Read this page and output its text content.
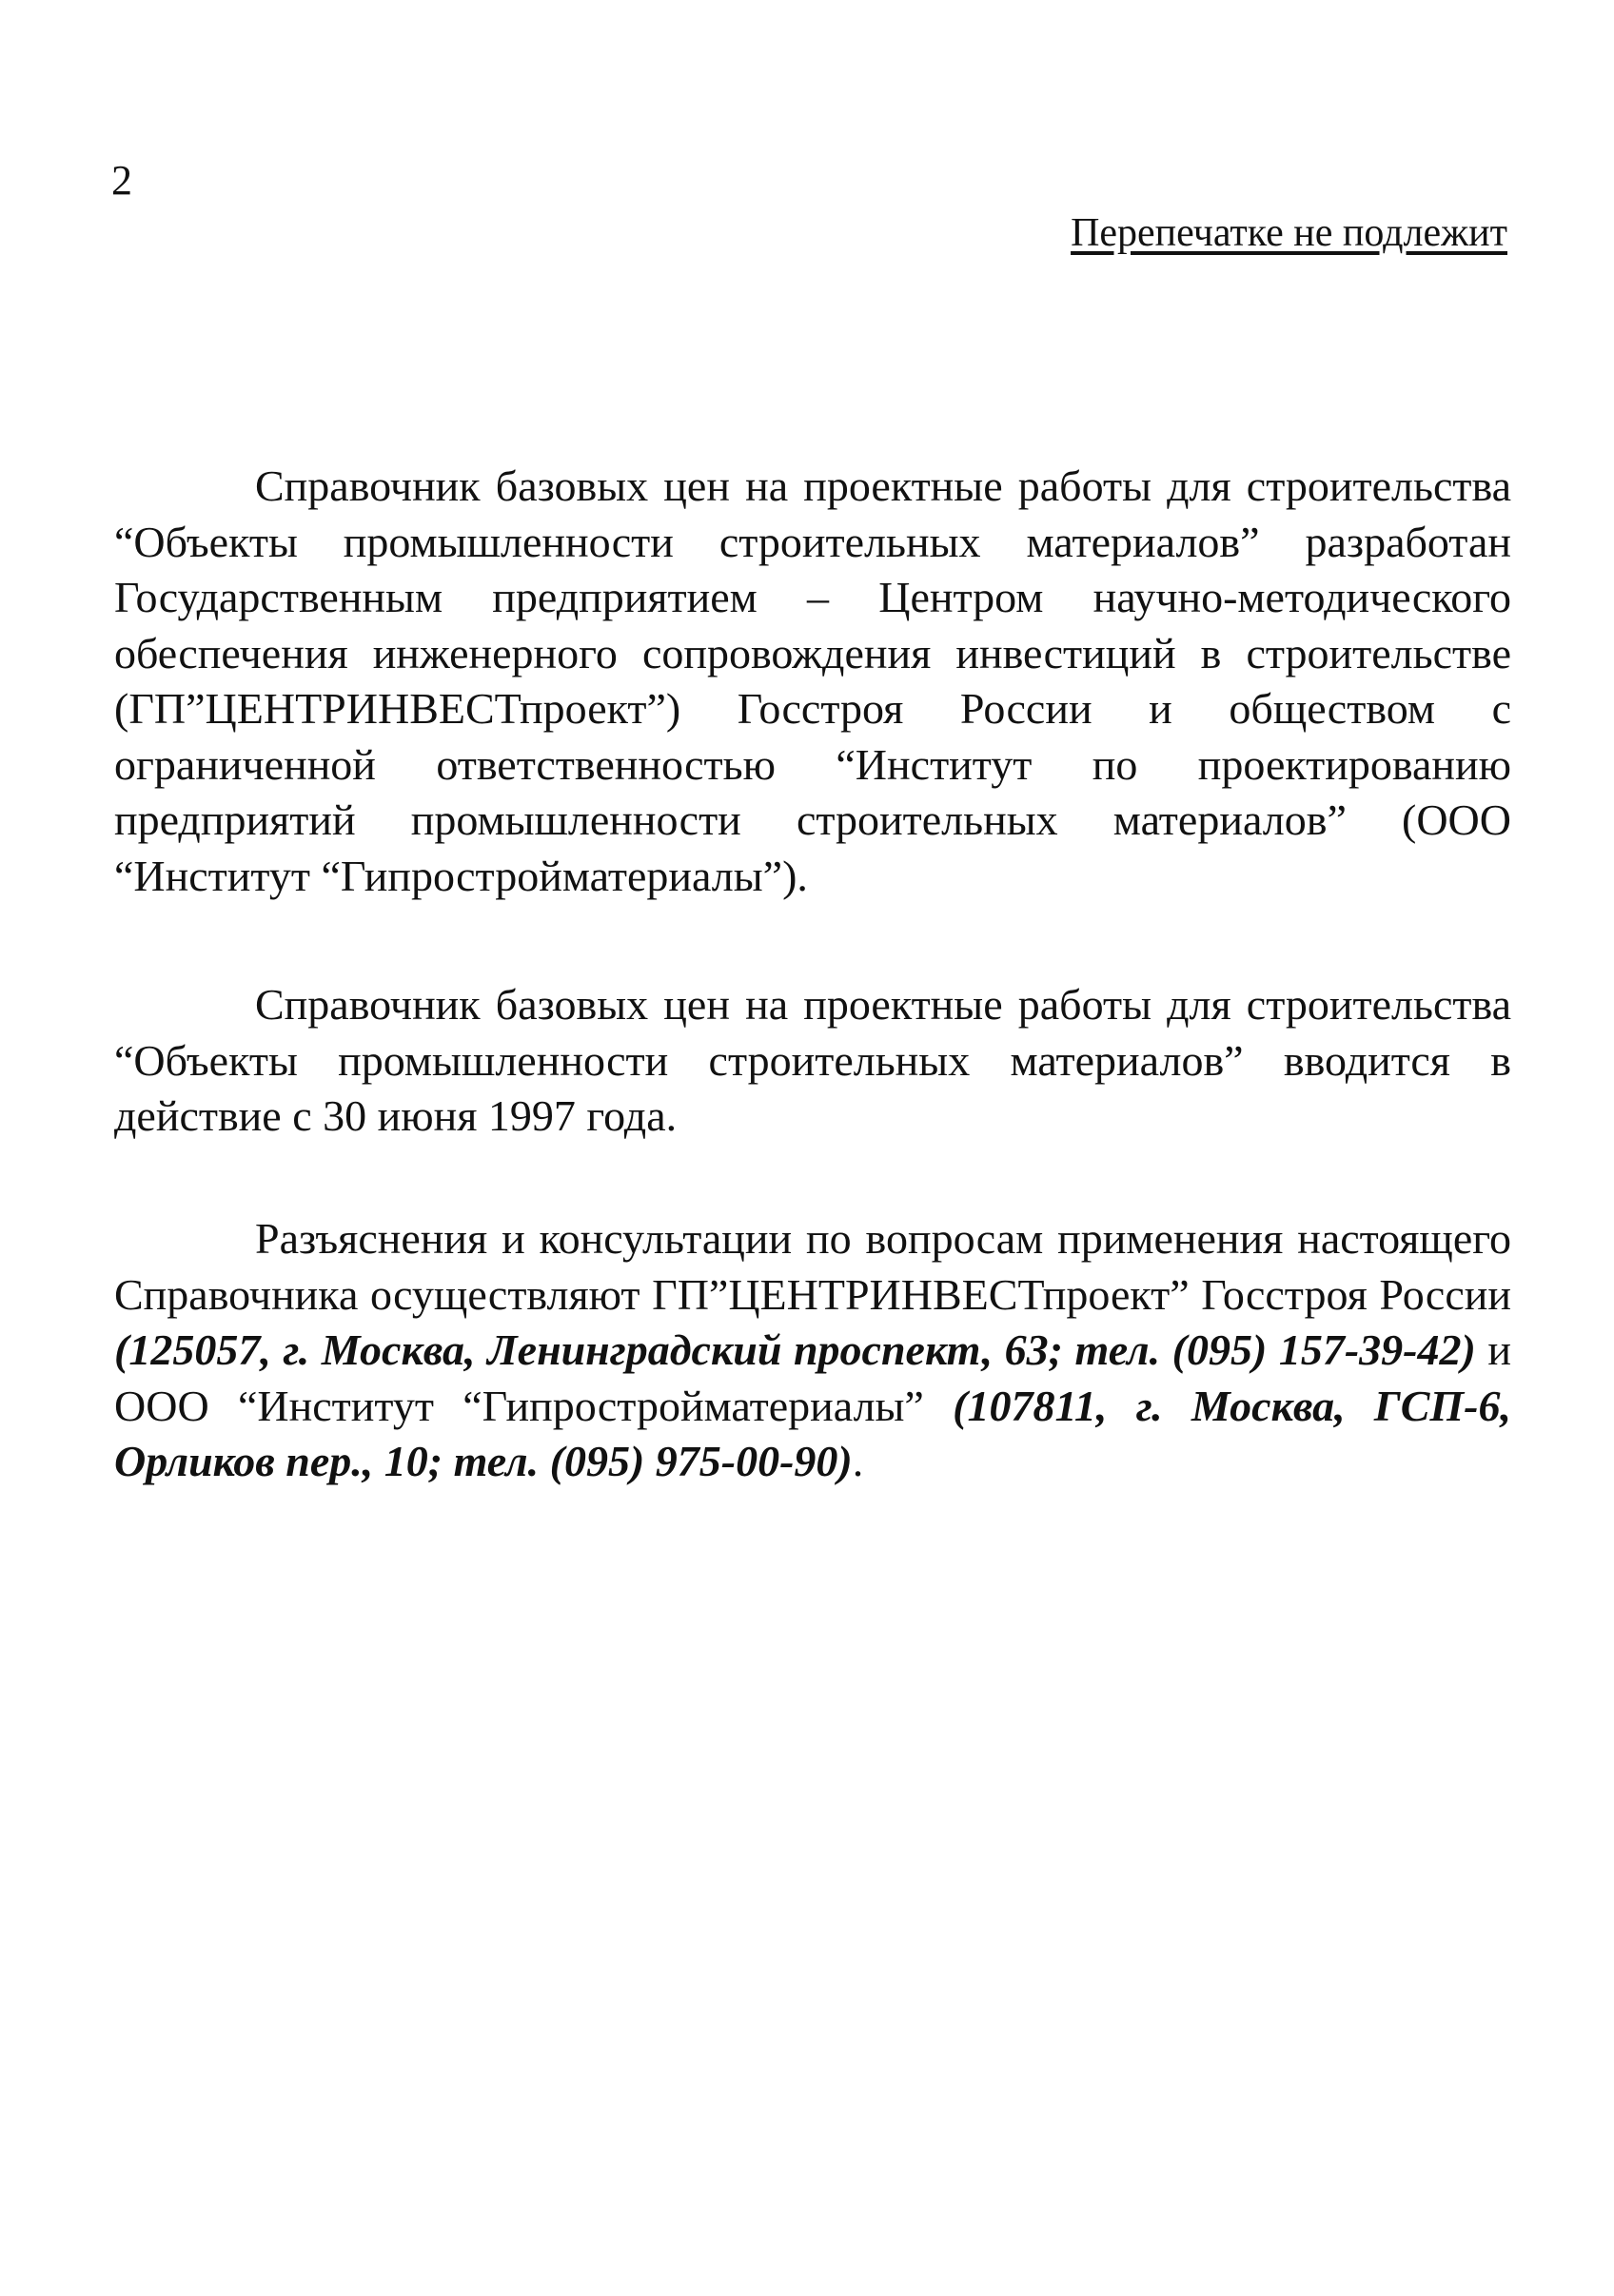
2
Перепечатке не подлежит

Справочник базовых цен на проектные работы для строительства “Объекты промышленности строительных материалов” разработан Государственным предприятием – Центром научно-методического обеспечения инженерного сопровождения инвестиций в строительстве (ГП”ЦЕНТРИНВЕСТпроект”) Госстроя России и обществом с ограниченной ответственностью “Институт по проектированию предприятий промышленности строительных материалов” (ООО “Институт “Гипростройматериалы”).

Справочник базовых цен на проектные работы для строительства “Объекты промышленности строительных материалов” вводится в действие с 30 июня 1997 года.

Разъяснения и консультации по вопросам применения настоящего Справочника осуществляют ГП”ЦЕНТРИНВЕСТпроект” Госстроя России (125057, г. Москва, Ленинградский проспект, 63; тел. (095) 157-39-42) и ООО “Институт “Гипростройматериалы” (107811, г. Москва, ГСП-6, Орликов пер., 10; тел. (095) 975-00-90).
